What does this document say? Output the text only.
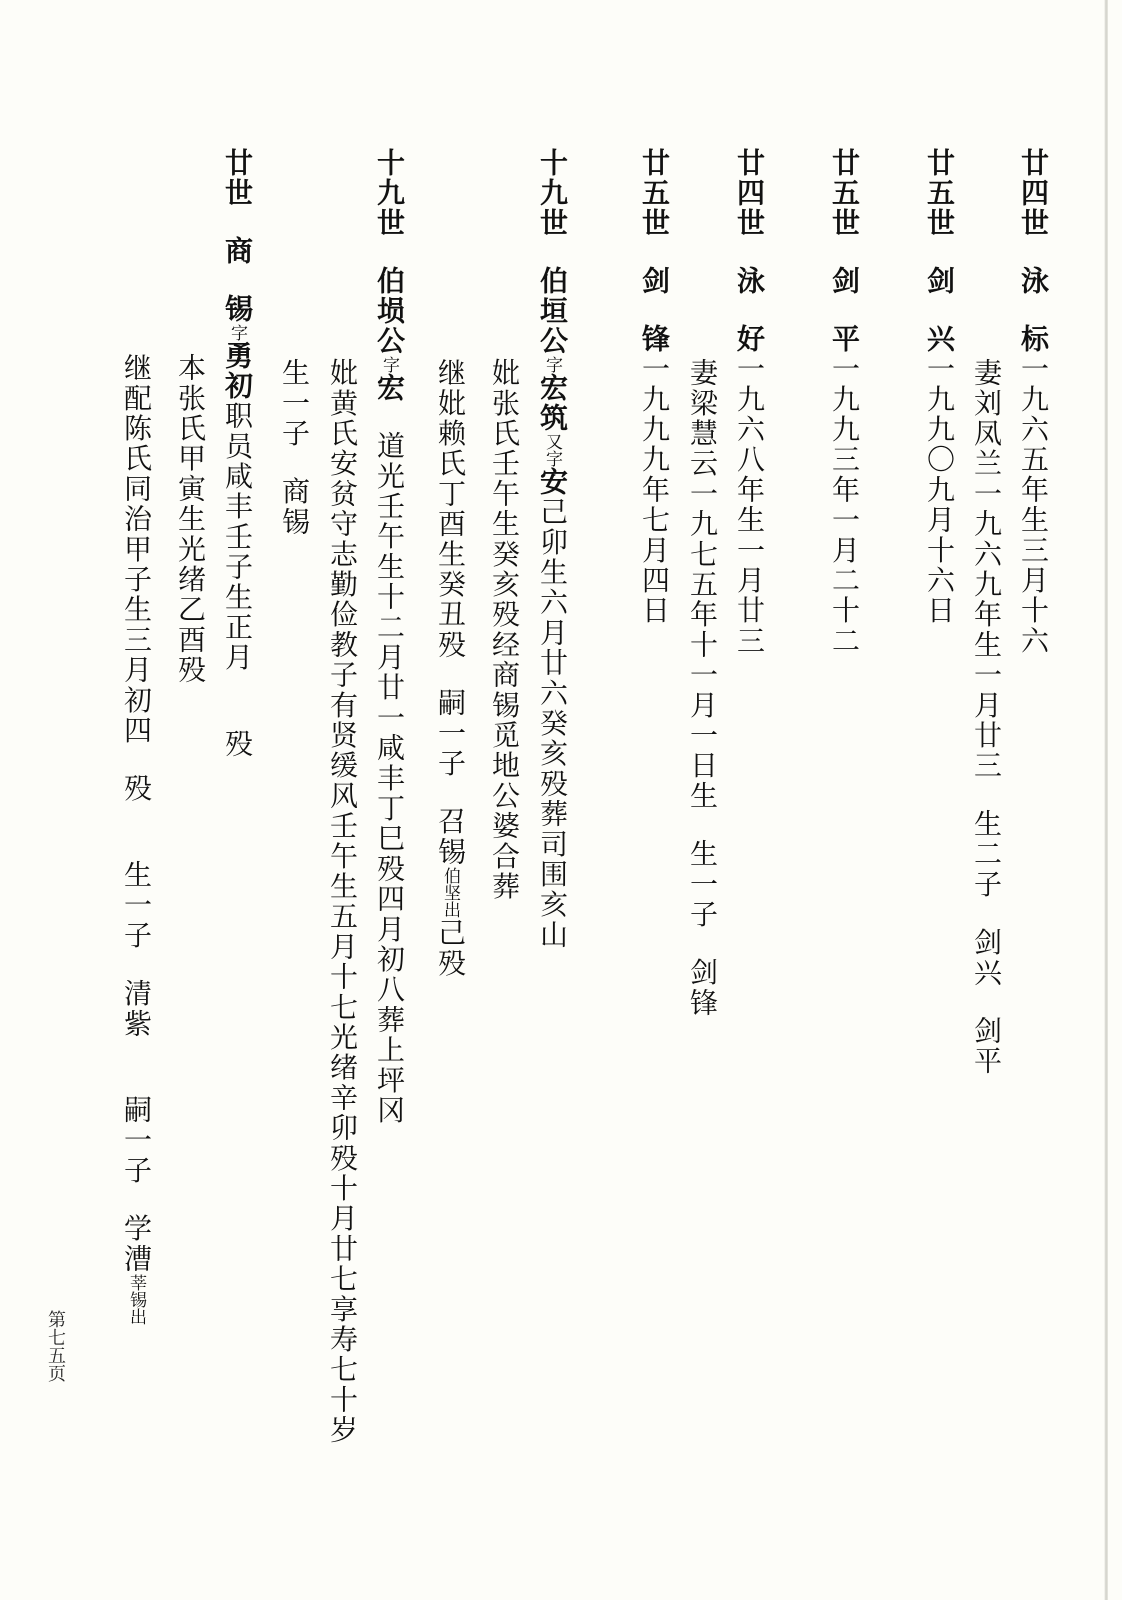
廿四世泳标一九六五年生三月十六
妻刘凤兰一九六九年生一月廿三生二子剑兴剑平
廿五世剑兴一九九〇九月十六日
廿五世剑平一九九三年一月二十二
廿四世泳好一九六八年生一月廿三
妻梁慧云一九七五年十一月一日生生一子剑锋
廿五世剑锋一九九九年七月四日
十九世伯垣公字宏筑又字安己卯生六月廿六癸亥殁葬司围亥山
妣张氏壬午生癸亥殁经商锡觅地公婆合葬
继妣赖氏丁酉生癸丑殁嗣一子召锡伯坚出己殁
十九世伯埙公字宏道光壬午生十二月廿一咸丰丁巳殁四月初八葬上坪冈
妣黄氏安贫守志勤俭教子有贤缓风壬午生五月十七光绪辛卯殁十月廿七享寿七十岁
生一子商锡
廿世商锡字勇初职员咸丰壬子生正月殁
本张氏甲寅生光绪乙酉殁
继配陈氏同治甲子生三月初四殁生一子清紫嗣一子学漕莘锡出
第七五页
